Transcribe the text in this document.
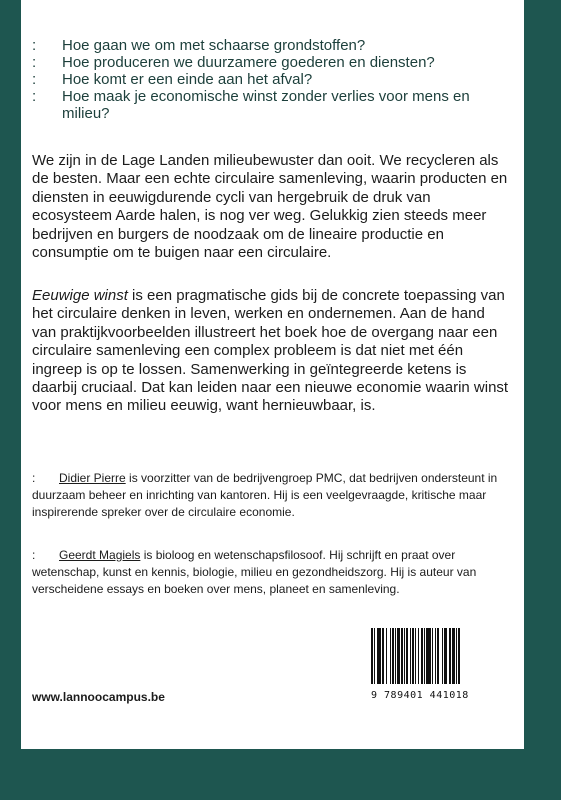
:	Hoe gaan we om met schaarse grondstoffen?
:	Hoe produceren we duurzamere goederen en diensten?
:	Hoe komt er een einde aan het afval?
:	Hoe maak je economische winst zonder verlies voor mens en milieu?

We zijn in de Lage Landen milieubewuster dan ooit. We recycleren als de besten. Maar een echte circulaire samenleving, waarin producten en diensten in eeuwigdurende cycli van hergebruik de druk van ecosysteem Aarde halen, is nog ver weg. Gelukkig zien steeds meer bedrijven en burgers de noodzaak om de lineaire productie en consumptie om te buigen naar een circulaire.

Eeuwige winst is een pragmatische gids bij de concrete toepassing van het circulaire denken in leven, werken en ondernemen. Aan de hand van praktijkvoorbeelden illustreert het boek hoe de overgang naar een circulaire samenleving een complex probleem is dat niet met één ingreep is op te lossen. Samenwerking in geïntegreerde ketens is daarbij cruciaal. Dat kan leiden naar een nieuwe economie waarin winst voor mens en milieu eeuwig, want hernieuwbaar, is.

: Didier Pierre is voorzitter van de bedrijvengroep PMC, dat bedrijven ondersteunt in duurzaam beheer en inrichting van kantoren. Hij is een veelgevraagde, kritische maar inspirerende spreker over de circulaire economie.
: Geerdt Magiels is bioloog en wetenschapsfilosoof. Hij schrijft en praat over wetenschap, kunst en kennis, biologie, milieu en gezondheidszorg. Hij is auteur van verscheidene essays en boeken over mens, planeet en samenleving.
www.lannoocampus.be	9 789401 441018
